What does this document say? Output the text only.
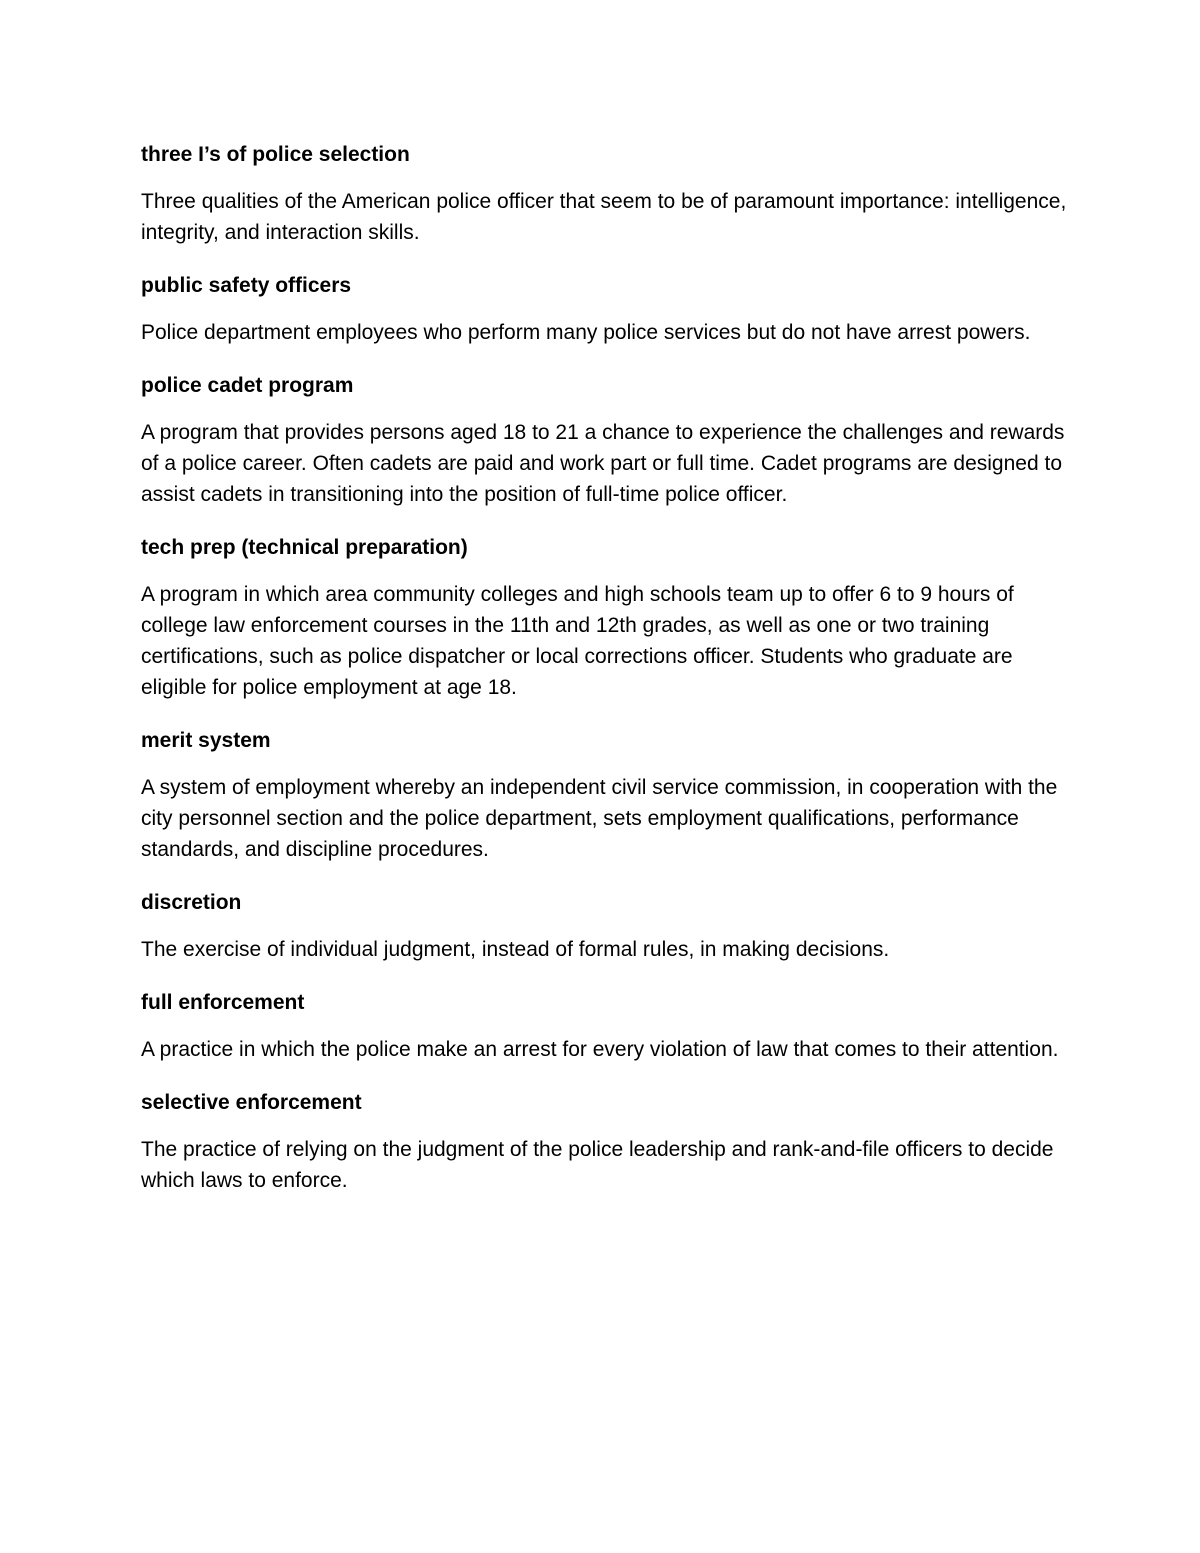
three I’s of police selection

Three qualities of the American police officer that seem to be of paramount importance: intelligence, integrity, and interaction skills.

public safety officers

Police department employees who perform many police services but do not have arrest powers.

police cadet program

A program that provides persons aged 18 to 21 a chance to experience the challenges and rewards of a police career. Often cadets are paid and work part or full time. Cadet programs are designed to assist cadets in transitioning into the position of full-time police officer.

tech prep (technical preparation)

A program in which area community colleges and high schools team up to offer 6 to 9 hours of college law enforcement courses in the 11th and 12th grades, as well as one or two training certifications, such as police dispatcher or local corrections officer. Students who graduate are eligible for police employment at age 18.

merit system

A system of employment whereby an independent civil service commission, in cooperation with the city personnel section and the police department, sets employment qualifications, performance standards, and discipline procedures.

discretion

The exercise of individual judgment, instead of formal rules, in making decisions.

full enforcement

A practice in which the police make an arrest for every violation of law that comes to their attention.

selective enforcement

The practice of relying on the judgment of the police leadership and rank-and-file officers to decide which laws to enforce.
